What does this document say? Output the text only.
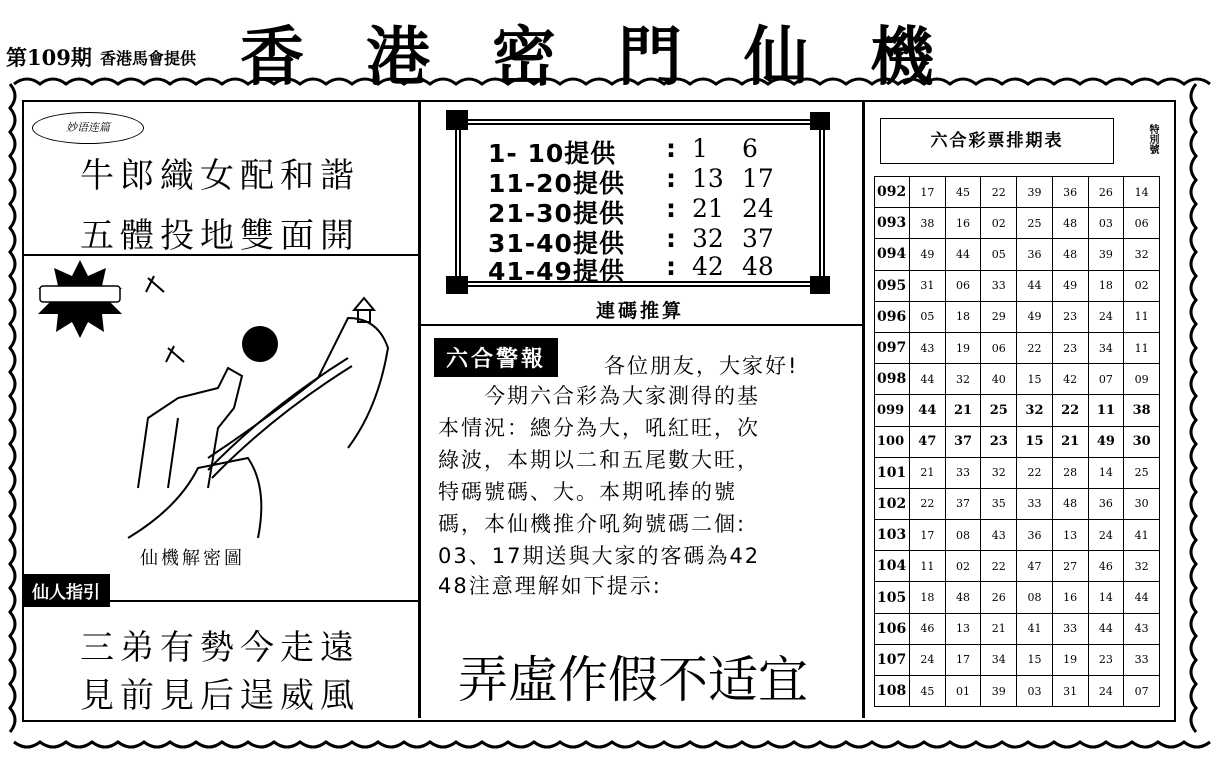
第109期 香港馬會提供 香港密門仙機
妙语连篇
牛郎織女配和諧
五體投地雙面開
仙機解密圖
仙人指引
三弟有勢今走遠
見前見后逞威風
1- 10提供 : 1 6
11-20提供 : 13 17
21-30提供 : 21 24
31-40提供 : 32 37
41-49提供 : 42 48
連碼推算
六合警報	各位朋友，大家好!
　　今期六合彩為大家測得的基
本情況：總分為大，吼紅旺，次
綠波，本期以二和五尾數大旺，
特碼號碼、大。本期吼捧的號
碼，本仙機推介吼夠號碼二個:
03、17期送與大家的客碼為42
48注意理解如下提示:
弄虛作假不适宜
六合彩票排期表	特別號
092	17	45	22	39	36	26	14
093	38	16	02	25	48	03	06
094	49	44	05	36	48	39	32
095	31	06	33	44	49	18	02
096	05	18	29	49	23	24	11
097	43	19	06	22	23	34	11
098	44	32	40	15	42	07	09
099	44	21	25	32	22	11	38
100	47	37	23	15	21	49	30
101	21	33	32	22	28	14	25
102	22	37	35	33	48	36	30
103	17	08	43	36	13	24	41
104	11	02	22	47	27	46	32
105	18	48	26	08	16	14	44
106	46	13	21	41	33	44	43
107	24	17	34	15	19	23	33
108	45	01	39	03	31	24	07
